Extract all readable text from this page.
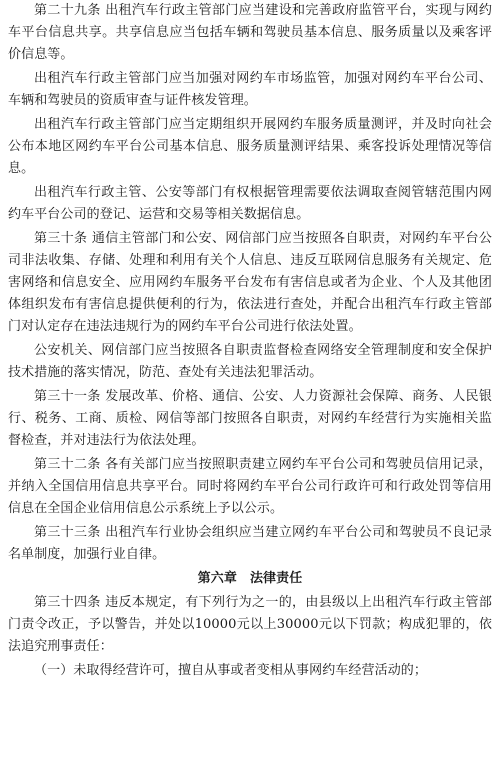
第二十九条 出租汽车行政主管部门应当建设和完善政府监管平台，实现与网约车平台信息共享。共享信息应当包括车辆和驾驶员基本信息、服务质量以及乘客评价信息等。

出租汽车行政主管部门应当加强对网约车市场监管，加强对网约车平台公司、车辆和驾驶员的资质审查与证件核发管理。

出租汽车行政主管部门应当定期组织开展网约车服务质量测评，并及时向社会公布本地区网约车平台公司基本信息、服务质量测评结果、乘客投诉处理情况等信息。

出租汽车行政主管、公安等部门有权根据管理需要依法调取查阅管辖范围内网约车平台公司的登记、运营和交易等相关数据信息。

第三十条 通信主管部门和公安、网信部门应当按照各自职责，对网约车平台公司非法收集、存储、处理和利用有关个人信息、违反互联网信息服务有关规定、危害网络和信息安全、应用网约车服务平台发布有害信息或者为企业、个人及其他团体组织发布有害信息提供便利的行为，依法进行查处，并配合出租汽车行政主管部门对认定存在违法违规行为的网约车平台公司进行依法处置。

公安机关、网信部门应当按照各自职责监督检查网络安全管理制度和安全保护技术措施的落实情况，防范、查处有关违法犯罪活动。

第三十一条 发展改革、价格、通信、公安、人力资源社会保障、商务、人民银行、税务、工商、质检、网信等部门按照各自职责，对网约车经营行为实施相关监督检查，并对违法行为依法处理。

第三十二条 各有关部门应当按照职责建立网约车平台公司和驾驶员信用记录，并纳入全国信用信息共享平台。同时将网约车平台公司行政许可和行政处罚等信用信息在全国企业信用信息公示系统上予以公示。

第三十三条 出租汽车行业协会组织应当建立网约车平台公司和驾驶员不良记录名单制度，加强行业自律。

第六章 法律责任

第三十四条 违反本规定，有下列行为之一的，由县级以上出租汽车行政主管部门责令改正，予以警告，并处以10000元以上30000元以下罚款；构成犯罪的，依法追究刑事责任：

（一）未取得经营许可，擅自从事或者变相从事网约车经营活动的；
